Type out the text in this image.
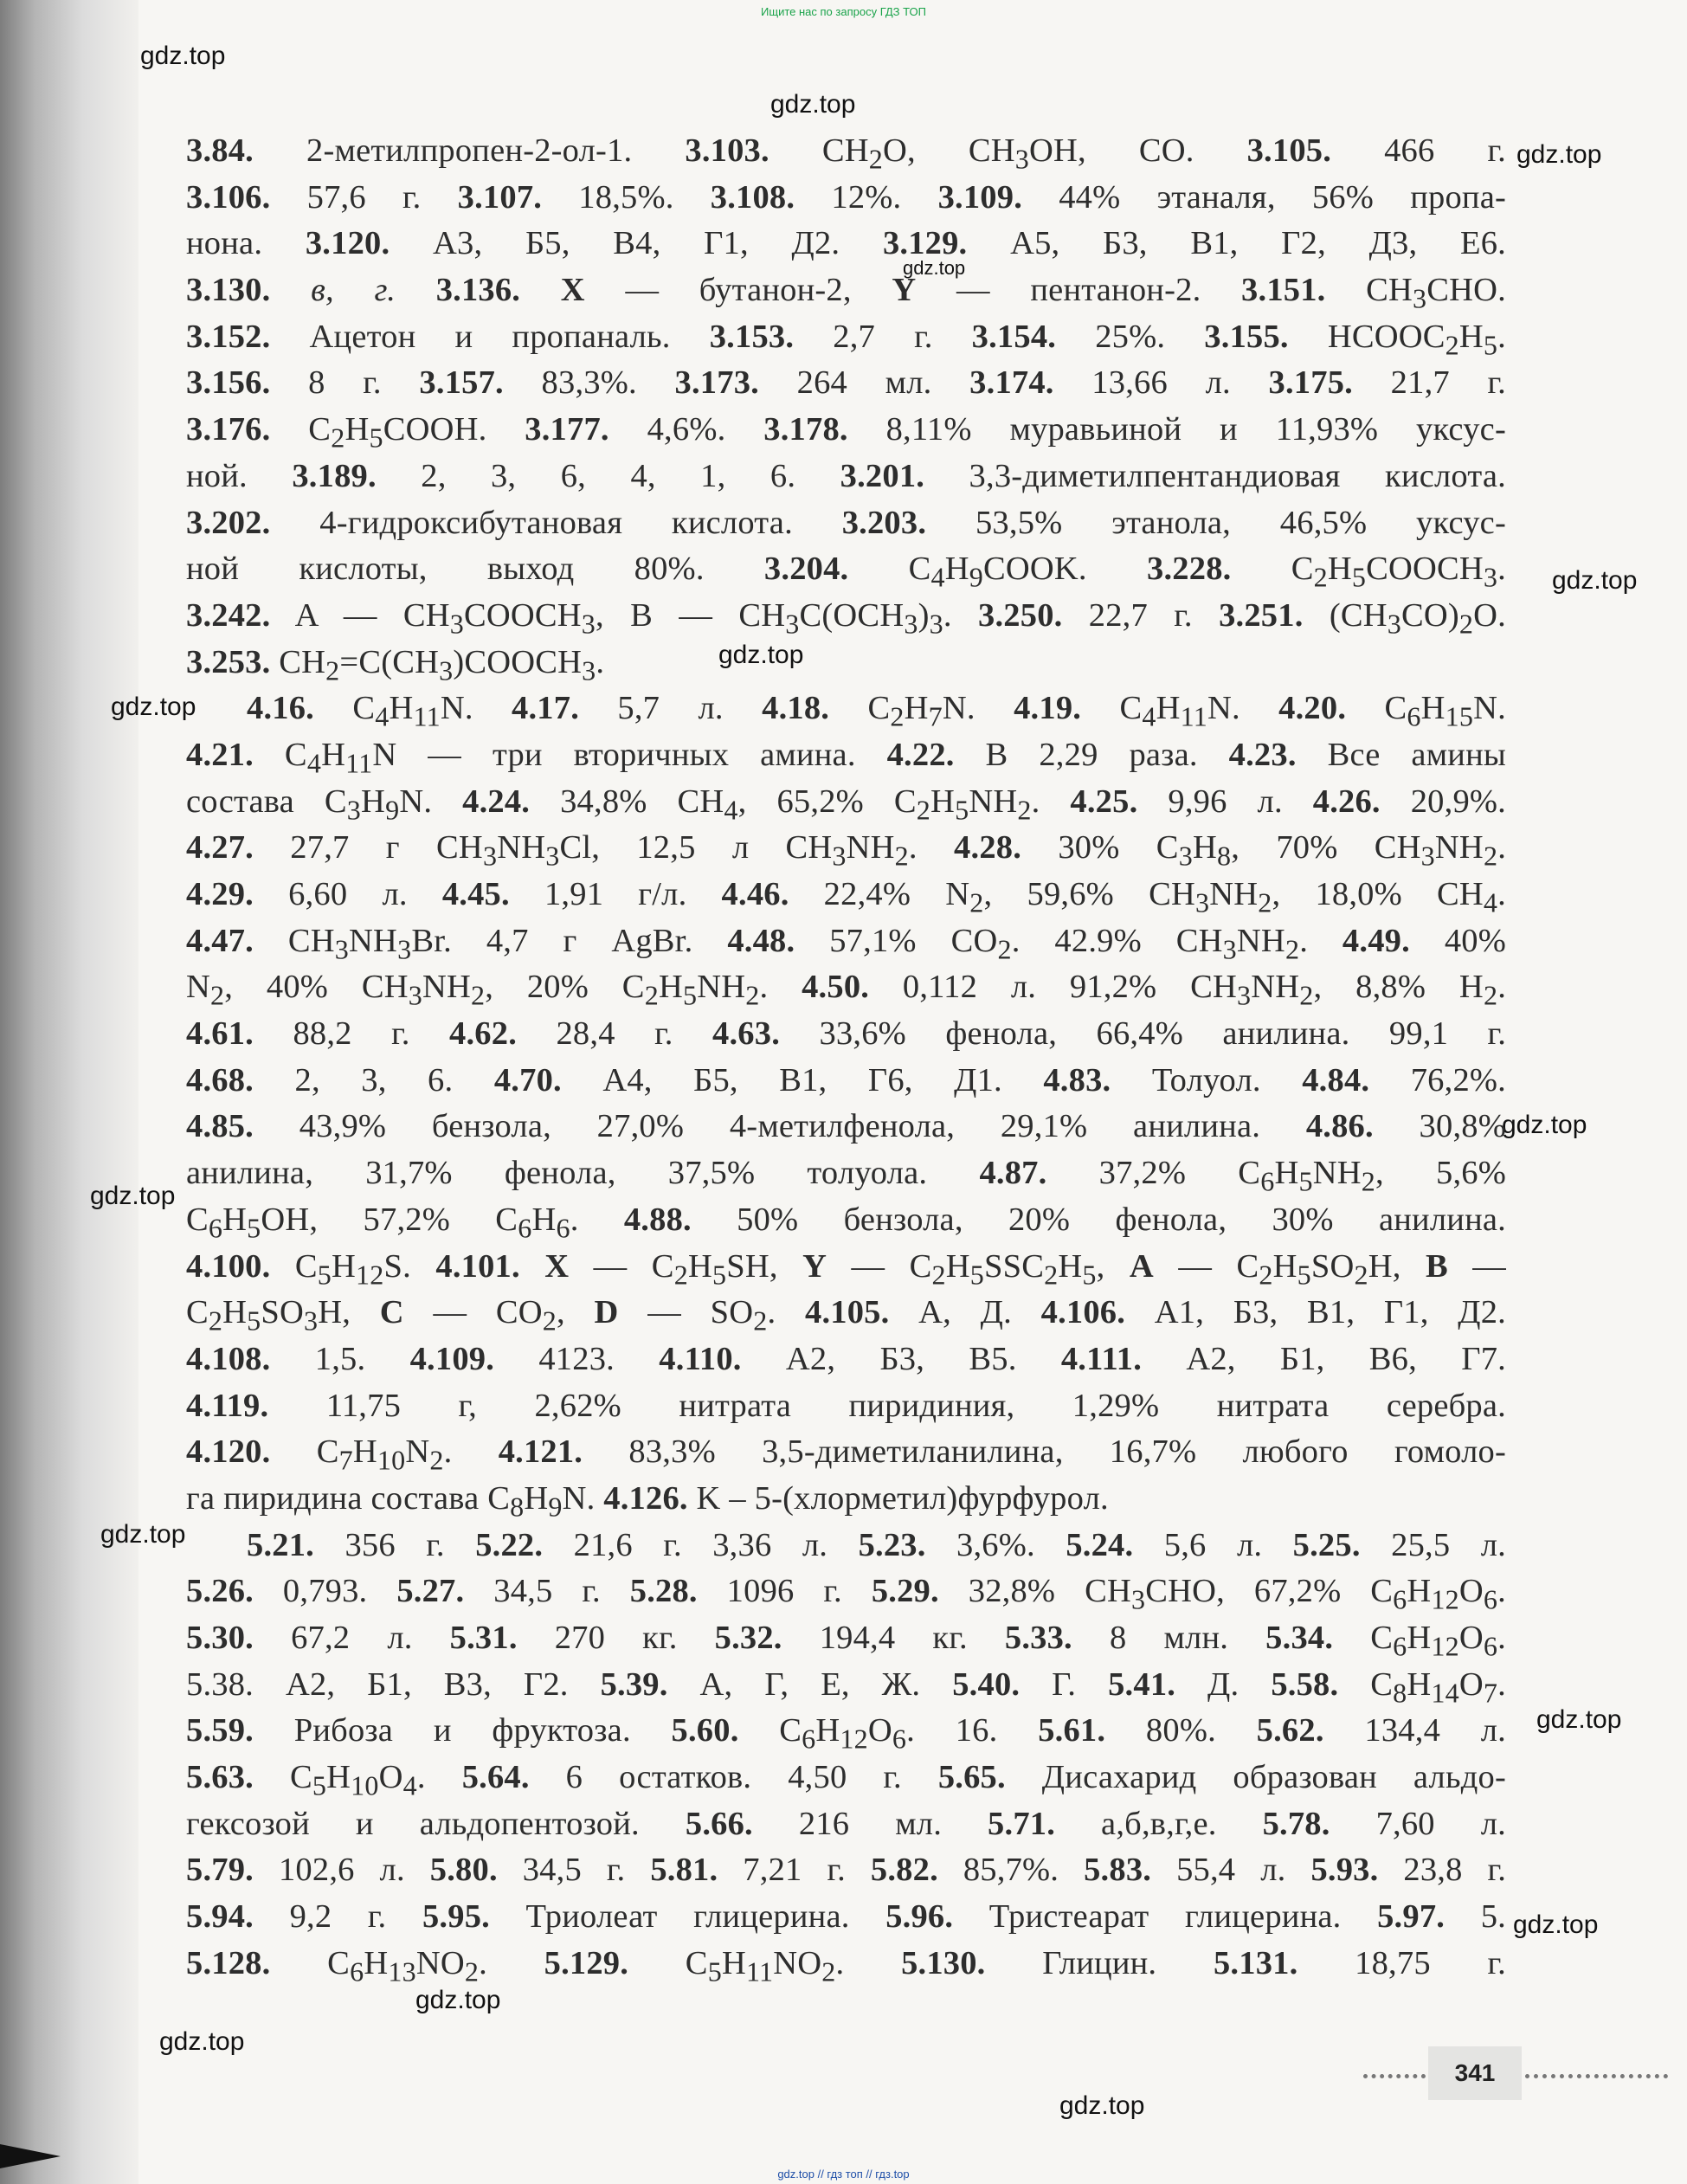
Ищите нас по запросу ГДЗ ТОП
gdz.top
gdz.top
gdz.top
gdz.top
gdz.top
gdz.top
gdz.top
gdz.top
gdz.top
gdz.top
gdz.top
gdz.top
gdz.top
gdz.top
gdz.top
3.84. 2-метилпропен-2-ол-1. 3.103. $CH_2O$, $CH_3OH$, CO. 3.105. 466 г.
3.106. 57,6 г. 3.107. 18,5%. 3.108. 12%. 3.109. 44% этаналя, 56% пропа-
нона. 3.120. А3, Б5, В4, Г1, Д2. 3.129. А5, Б3, В1, Г2, Д3, Е6.
3.130. в, г. 3.136. X — бутанон-2, Y — пентанон-2. 3.151. $CH_3CHO$.
3.152. Ацетон и пропаналь. 3.153. 2,7 г. 3.154. 25%. 3.155. $HCOOC_2H_5$.
3.156. 8 г. 3.157. 83,3%. 3.173. 264 мл. 3.174. 13,66 л. 3.175. 21,7 г.
3.176. $C_2H_5COOH$. 3.177. 4,6%. 3.178. 8,11% муравьиной и 11,93% уксус-
ной. 3.189. 2, 3, 6, 4, 1, 6. 3.201. 3,3-диметилпентандиовая кислота.
3.202. 4-гидроксибутановая кислота. 3.203. 53,5% этанола, 46,5% уксус-
ной кислоты, выход 80%. 3.204. $C_4H_9COOK$. 3.228. $C_2H_5COOCH_3$.
3.242. A — $CH_3COOCH_3$, B — $CH_3C(OCH_3)_3$. 3.250. 22,7 г. 3.251. $(CH_3CO)_2O$.
3.253. $CH_2=C(CH_3)COOCH_3$.
4.16. $C_4H_{11}N$. 4.17. 5,7 л. 4.18. $C_2H_7N$. 4.19. $C_4H_{11}N$. 4.20. $C_6H_{15}N$.
4.21. $C_4H_{11}N$ — три вторичных амина. 4.22. В 2,29 раза. 4.23. Все амины
состава $C_3H_9N$. 4.24. 34,8% $CH_4$, 65,2% $C_2H_5NH_2$. 4.25. 9,96 л. 4.26. 20,9%.
4.27. 27,7 г $CH_3NH_3Cl$, 12,5 л $CH_3NH_2$. 4.28. 30% $C_3H_8$, 70% $CH_3NH_2$.
4.29. 6,60 л. 4.45. 1,91 г/л. 4.46. 22,4% $N_2$, 59,6% $CH_3NH_2$, 18,0% $CH_4$.
4.47. $CH_3NH_3Br$. 4,7 г AgBr. 4.48. 57,1% $CO_2$. 42.9% $CH_3NH_2$. 4.49. 40%
$N_2$, 40% $CH_3NH_2$, 20% $C_2H_5NH_2$. 4.50. 0,112 л. 91,2% $CH_3NH_2$, 8,8% $H_2$.
4.61. 88,2 г. 4.62. 28,4 г. 4.63. 33,6% фенола, 66,4% анилина. 99,1 г.
4.68. 2, 3, 6. 4.70. А4, Б5, В1, Г6, Д1. 4.83. Толуол. 4.84. 76,2%.
4.85. 43,9% бензола, 27,0% 4-метилфенола, 29,1% анилина. 4.86. 30,8%
анилина, 31,7% фенола, 37,5% толуола. 4.87. 37,2% $C_6H_5NH_2$, 5,6%
$C_6H_5OH$, 57,2% $C_6H_6$. 4.88. 50% бензола, 20% фенола, 30% анилина.
4.100. $C_5H_{12}S$. 4.101. X — $C_2H_5SH$, Y — $C_2H_5SSC_2H_5$, A — $C_2H_5SO_2H$, B —
$C_2H_5SO_3H$, C — $CO_2$, D — $SO_2$. 4.105. А, Д. 4.106. А1, Б3, В1, Г1, Д2.
4.108. 1,5. 4.109. 4123. 4.110. А2, Б3, В5. 4.111. А2, Б1, В6, Г7.
4.119. 11,75 г, 2,62% нитрата пиридиния, 1,29% нитрата серебра.
4.120. $C_7H_{10}N_2$. 4.121. 83,3% 3,5-диметиланилина, 16,7% любого гомоло-
га пиридина состава $C_8H_9N$. 4.126. K – 5-(хлорметил)фурфурол.
5.21. 356 г. 5.22. 21,6 г. 3,36 л. 5.23. 3,6%. 5.24. 5,6 л. 5.25. 25,5 л.
5.26. 0,793. 5.27. 34,5 г. 5.28. 1096 г. 5.29. 32,8% $CH_3CHO$, 67,2% $C_6H_{12}O_6$.
5.30. 67,2 л. 5.31. 270 кг. 5.32. 194,4 кг. 5.33. 8 млн. 5.34. $C_6H_{12}O_6$.
5.38. А2, Б1, В3, Г2. 5.39. А, Г, Е, Ж. 5.40. Г. 5.41. Д. 5.58. $C_8H_{14}O_7$.
5.59. Рибоза и фруктоза. 5.60. $C_6H_{12}O_6$. 16. 5.61. 80%. 5.62. 134,4 л.
5.63. $C_5H_{10}O_4$. 5.64. 6 остатков. 4,50 г. 5.65. Дисахарид образован альдо-
гексозой и альдопентозой. 5.66. 216 мл. 5.71. а,б,в,г,е. 5.78. 7,60 л.
5.79. 102,6 л. 5.80. 34,5 г. 5.81. 7,21 г. 5.82. 85,7%. 5.83. 55,4 л. 5.93. 23,8 г.
5.94. 9,2 г. 5.95. Триолеат глицерина. 5.96. Тристеарат глицерина. 5.97. 5.
5.128. $C_6H_{13}NO_2$. 5.129. $C_5H_{11}NO_2$. 5.130. Глицин. 5.131. 18,75 г.
341
gdz.top // гдз топ // гдз.top
